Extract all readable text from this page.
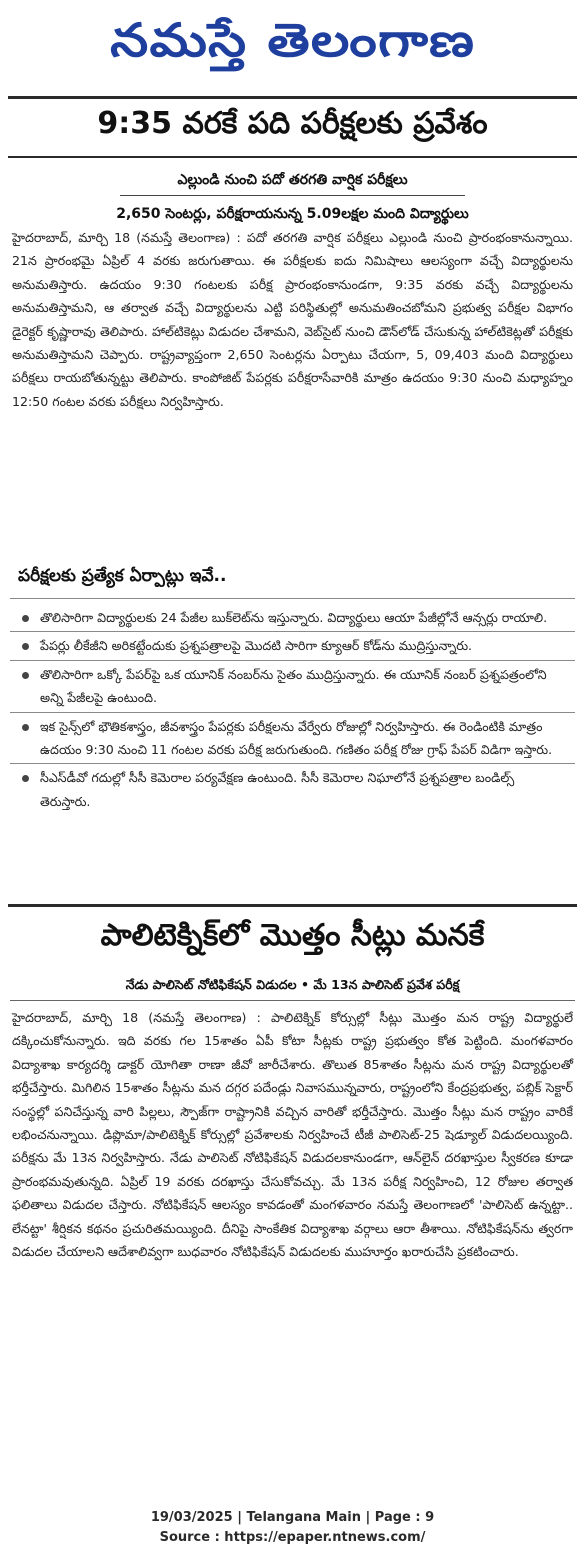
నమస్తే తెలంగాణ
9:35 వరకే పది పరీక్షలకు ప్రవేశం
ఎల్లుండి నుంచి పదో తరగతి వార్షిక పరీక్షలు
2,650 సెంటర్లు, పరీక్షరాయనున్న 5.09లక్షల మంది విద్యార్థులు
హైదరాబాద్, మార్చి 18 (నమస్తే తెలంగాణ) : పదో తరగతి వార్షిక పరీక్షలు ఎల్లుండి నుంచి ప్రారంభంకానున్నాయి. 21న ప్రారంభమై ఏప్రిల్ 4 వరకు జరుగుతాయి. ఈ పరీక్షలకు ఐదు నిమిషాలు ఆలస్యంగా వచ్చే విద్యార్థులను అనుమతిస్తారు. ఉదయం 9:30 గంటలకు పరీక్ష ప్రారంభంకానుండగా, 9:35 వరకు వచ్చే విద్యార్థులను అనుమతిస్తామని, ఆ తర్వాత వచ్చే విద్యార్థులను ఎట్టి పరిస్థితుల్లో అనుమతించబోమని ప్రభుత్వ పరీక్షల విభాగం డైరెక్టర్ కృష్ణారావు తెలిపారు. హాల్‌టికెట్లు విడుదల చేశామని, వెబ్‌సైట్ నుంచి డౌన్‌లోడ్ చేసుకున్న హాల్‌టికెట్లతో పరీక్షకు అనుమతిస్తామని చెప్పారు. రాష్ట్రవ్యాప్తంగా 2,650 సెంటర్లను ఏర్పాటు చేయగా, 5, 09,403 మంది విద్యార్థులు పరీక్షలు రాయబోతున్నట్టు తెలిపారు. కాంపోజిట్ పేపర్లకు పరీక్షరాసేవారికి మాత్రం ఉదయం 9:30 నుంచి మధ్యాహ్నం 12:50 గంటల వరకు పరీక్షలు నిర్వహిస్తారు.
పరీక్షలకు ప్రత్యేక ఏర్పాట్లు ఇవే..
తొలిసారిగా విద్యార్థులకు 24 పేజీల బుక్‌లెట్‌ను ఇస్తున్నారు. విద్యార్థులు ఆయా పేజీల్లోనే ఆన్సర్లు రాయాలి.
పేపర్లు లీకేజీని అరికట్టేందుకు ప్రశ్నపత్రాలపై మొదటి సారిగా క్యూఆర్ కోడ్‌ను ముద్రిస్తున్నారు.
తొలిసారిగా ఒక్కో పేపర్‌పై ఒక యూనిక్ నంబర్‌ను సైతం ముద్రిస్తున్నారు. ఈ యూనిక్ నంబర్ ప్రశ్నపత్రంలోని అన్ని పేజీలపై ఉంటుంది.
ఇక సైన్స్‌లో భౌతికశాస్త్రం, జీవశాస్త్రం పేపర్లకు పరీక్షలను వేర్వేరు రోజుల్లో నిర్వహిస్తారు. ఈ రెండింటికి మాత్రం ఉదయం 9:30 నుంచి 11 గంటల వరకు పరీక్ష జరుగుతుంది. గణితం పరీక్ష రోజు గ్రాఫ్ పేపర్ విడిగా ఇస్తారు.
సీఎస్‌డీవో గదుల్లో సీసీ కెమెరాల పర్యవేక్షణ ఉంటుంది. సీసీ కెమెరాల నిఘాలోనే ప్రశ్నపత్రాల బండిల్స్ తెరుస్తారు.
పాలిటెక్నిక్‌లో మొత్తం సీట్లు మనకే
నేడు పాలిసెట్ నోటిఫికేషన్ విడుదల • మే 13న పాలిసెట్ ప్రవేశ పరీక్ష
హైదరాబాద్, మార్చి 18 (నమస్తే తెలంగాణ) : పాలిటెక్నిక్ కోర్సుల్లో సీట్లు మొత్తం మన రాష్ట్ర విద్యార్థులే దక్కించుకోనున్నారు. ఇది వరకు గల 15శాతం ఏపీ కోటా సీట్లకు రాష్ట్ర ప్రభుత్వం కోత పెట్టింది. మంగళవారం విద్యాశాఖ కార్యదర్శి డాక్టర్ యోగితా రాణా జీవో జారీచేశారు. తొలుత 85శాతం సీట్లను మన రాష్ట్ర విద్యార్థులతో భర్తీచేస్తారు. మిగిలిన 15శాతం సీట్లను మన దగ్గర పదేండ్లు నివాసమున్నవారు, రాష్ట్రంలోని కేంద్రప్రభుత్వ, పబ్లిక్ సెక్టార్ సంస్థల్లో పనిచేస్తున్న వారి పిల్లలు, స్పౌజ్‌గా రాష్ట్రానికి వచ్చిన వారితో భర్తీచేస్తారు. మొత్తం సీట్లు మన రాష్ట్రం వారికే లభించనున్నాయి. డిప్లొమా/పాలిటెక్నిక్ కోర్సుల్లో ప్రవేశాలకు నిర్వహించే టీజీ పాలిసెట్-25 షెడ్యూల్ విడుదలయ్యింది. పరీక్షను మే 13న నిర్వహిస్తారు. నేడు పాలిసెట్ నోటిఫికేషన్ విడుదలకానుండగా, ఆన్‌లైన్ దరఖాస్తుల స్వీకరణ కూడా ప్రారంభమవుతున్నది. ఏప్రిల్ 19 వరకు దరఖాస్తు చేసుకోవచ్చు. మే 13న పరీక్ష నిర్వహించి, 12 రోజుల తర్వాత ఫలితాలు విడుదల చేస్తారు. నోటిఫికేషన్ ఆలస్యం కావడంతో మంగళవారం నమస్తే తెలంగాణలో 'పాలిసెట్ ఉన్నట్టా.. లేనట్టా' శీర్షికన కథనం ప్రచురితమయ్యింది. దీనిపై సాంకేతిక విద్యాశాఖ వర్గాలు ఆరా తీశాయి. నోటిఫికేషన్‌ను త్వరగా విడుదల చేయాలని ఆదేశాలివ్వగా బుధవారం నోటిఫికేషన్ విడుదలకు ముహూర్తం ఖరారుచేసి ప్రకటించారు.
19/03/2025 | Telangana Main | Page : 9
Source : https://epaper.ntnews.com/
